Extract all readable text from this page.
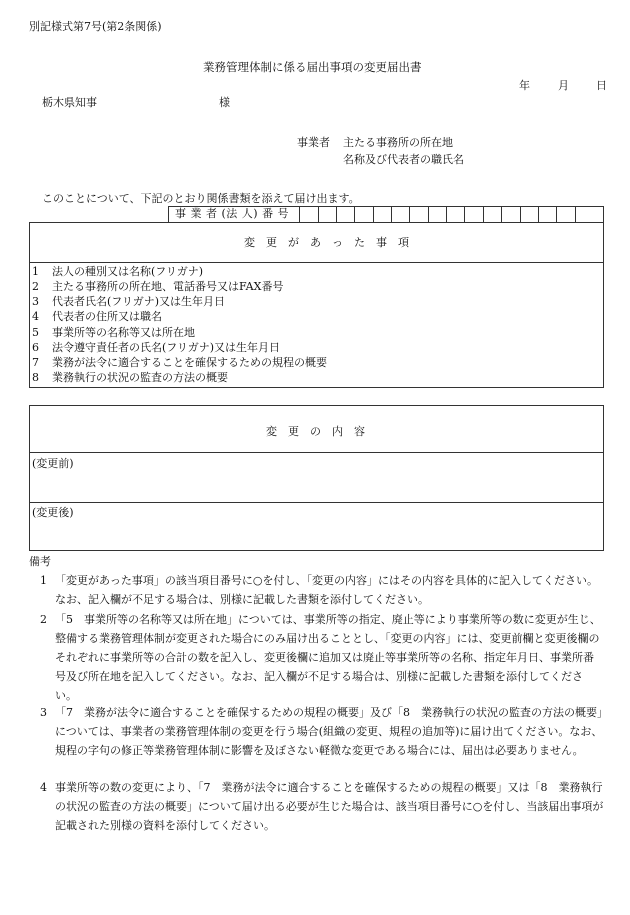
別記様式第7号(第2条関係)
業務管理体制に係る届出事項の変更届出書
年	月 日
栃木県知事	様
事業者 主たる事務所の所在地
名称及び代表者の職氏名
このことについて、下記のとおり関係書類を添えて届け出ます。
事 業 者 (法 人) 番 号
変　更　が　あ　っ　た　事　項
1 法人の種別又は名称(フリガナ)
2 主たる事務所の所在地、電話番号又はFAX番号
3 代表者氏名(フリガナ)又は生年月日
4 代表者の住所又は職名
5 事業所等の名称等又は所在地
6 法令遵守責任者の氏名(フリガナ)又は生年月日
7 業務が法令に適合することを確保するための規程の概要
8 業務執行の状況の監査の方法の概要
変　更　の　内　容
(変更前)
(変更後)
備考
1 「変更があった事項」の該当項目番号に○を付し、「変更の内容」にはその内容を具体的に記入してください。なお、記入欄が不足する場合は、別様に記載した書類を添付してください。
2 「5　事業所等の名称等又は所在地」については、事業所等の指定、廃止等により事業所等の数に変更が生じ、整備する業務管理体制が変更された場合にのみ届け出ることとし、「変更の内容」には、変更前欄と変更後欄のそれぞれに事業所等の合計の数を記入し、変更後欄に追加又は廃止等事業所等の名称、指定年月日、事業所番号及び所在地を記入してください。なお、記入欄が不足する場合は、別様に記載した書類を添付してください。
3 「7　業務が法令に適合することを確保するための規程の概要」及び「8　業務執行の状況の監査の方法の概要」については、事業者の業務管理体制の変更を行う場合(組織の変更、規程の追加等)に届け出てください。なお、規程の字句の修正等業務管理体制に影響を及ぼさない軽微な変更である場合には、届出は必要ありません。
4 事業所等の数の変更により、「7　業務が法令に適合することを確保するための規程の概要」又は「8　業務執行の状況の監査の方法の概要」について届け出る必要が生じた場合は、該当項目番号に○を付し、当該届出事項が記載された別様の資料を添付してください。
